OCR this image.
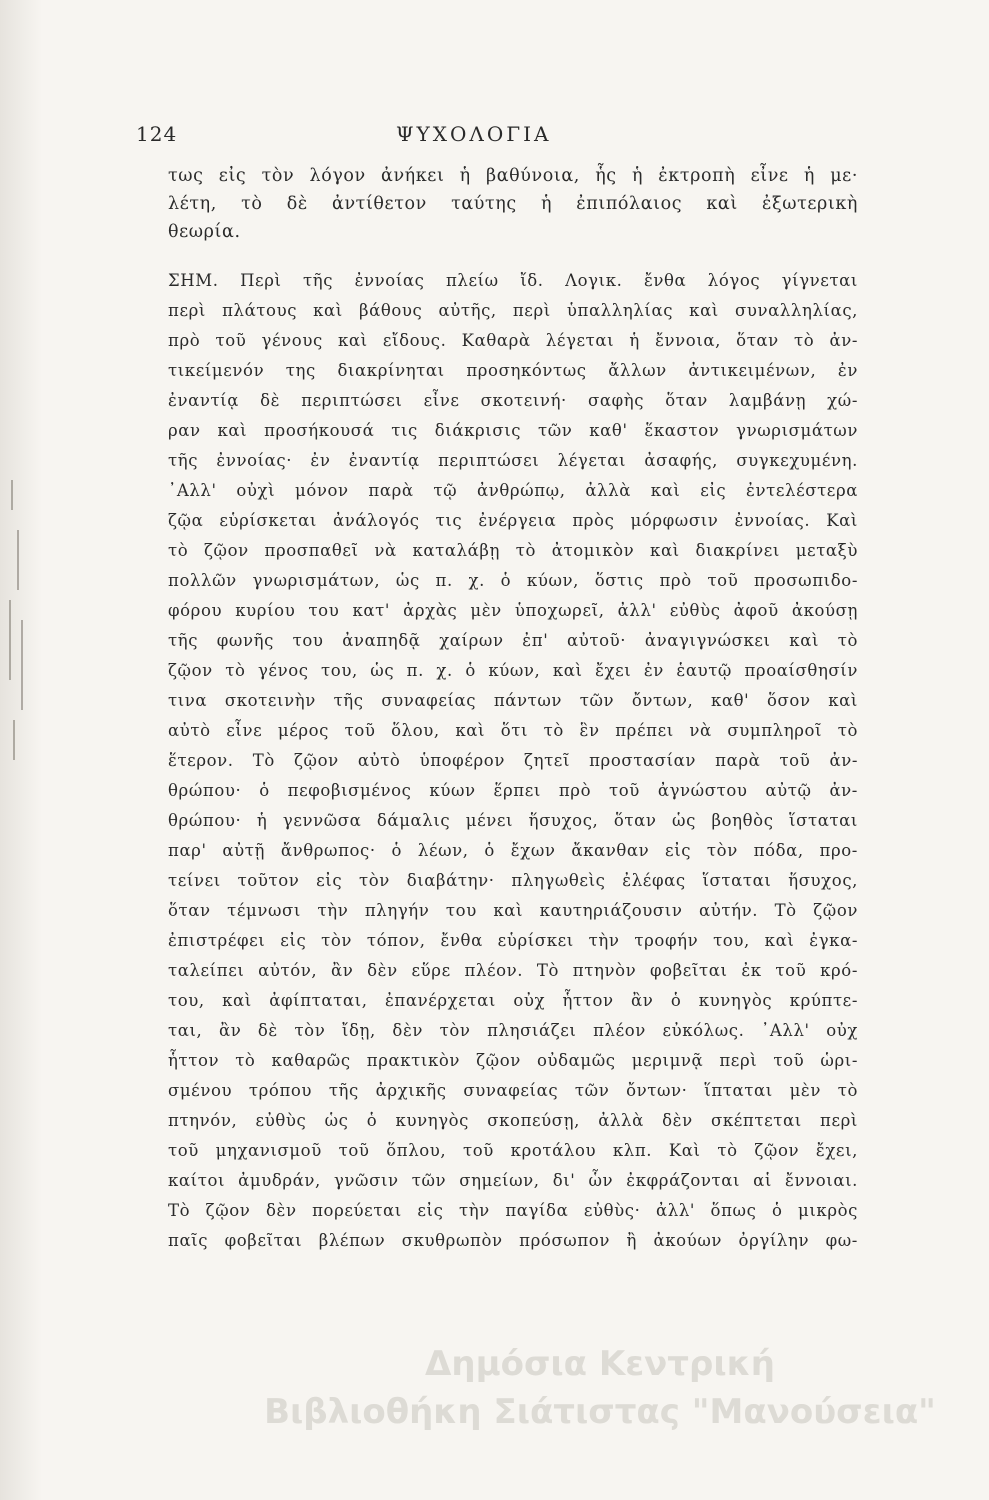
124	ΨΥΧΟΛΟΓΙΑ
τως εἰς τὸν λόγον ἀνήκει ἡ βαθύνοια, ἧς ἡ ἐκτροπὴ εἶνε ἡ με·
λέτη, τὸ δὲ ἀντίθετον ταύτης ἡ ἐπιπόλαιος καὶ ἐξωτερικὴ
θεωρία.
ΣΗΜ. Περὶ τῆς ἐννοίας πλείω ἴδ. Λογικ. ἔνθα λόγος γίγνεται
περὶ πλάτους καὶ βάθους αὐτῆς, περὶ ὑπαλληλίας καὶ συναλληλίας,
πρὸ τοῦ γένους καὶ εἴδους. Καθαρὰ λέγεται ἡ ἔννοια, ὅταν τὸ ἀν-
τικείμενόν της διακρίνηται προσηκόντως ἄλλων ἀντικειμένων, ἐν
ἐναντίᾳ δὲ περιπτώσει εἶνε σκοτεινή· σαφὴς ὅταν λαμβάνῃ χώ-
ραν καὶ προσήκουσά τις διάκρισις τῶν καθ' ἕκαστον γνωρισμάτων
τῆς ἐννοίας· ἐν ἐναντίᾳ περιπτώσει λέγεται ἀσαφής, συγκεχυμένη.
᾿Αλλ' οὐχὶ μόνον παρὰ τῷ ἀνθρώπῳ, ἀλλὰ καὶ εἰς ἐντελέστερα
ζῷα εὑρίσκεται ἀνάλογός τις ἐνέργεια πρὸς μόρφωσιν ἐννοίας. Καὶ
τὸ ζῷον προσπαθεῖ νὰ καταλάβῃ τὸ ἀτομικὸν καὶ διακρίνει μεταξὺ
πολλῶν γνωρισμάτων, ὡς π. χ. ὁ κύων, ὅστις πρὸ τοῦ προσωπιδο-
φόρου κυρίου του κατ' ἀρχὰς μὲν ὑποχωρεῖ, ἀλλ' εὐθὺς ἀφοῦ ἀκούσῃ
τῆς φωνῆς του ἀναπηδᾷ χαίρων ἐπ' αὐτοῦ· ἀναγιγνώσκει καὶ τὸ
ζῷον τὸ γένος του, ὡς π. χ. ὁ κύων, καὶ ἔχει ἐν ἑαυτῷ προαίσθησίν
τινα σκοτεινὴν τῆς συναφείας πάντων τῶν ὄντων, καθ' ὅσον καὶ
αὐτὸ εἶνε μέρος τοῦ ὅλου, καὶ ὅτι τὸ ἓν πρέπει νὰ συμπληροῖ τὸ
ἕτερον. Τὸ ζῷον αὐτὸ ὑποφέρον ζητεῖ προστασίαν παρὰ τοῦ ἀν-
θρώπου· ὁ πεφοβισμένος κύων ἕρπει πρὸ τοῦ ἀγνώστου αὐτῷ ἀν-
θρώπου· ἡ γεννῶσα δάμαλις μένει ἥσυχος, ὅταν ὡς βοηθὸς ἵσταται
παρ' αὐτῇ ἄνθρωπος· ὁ λέων, ὁ ἔχων ἄκανθαν εἰς τὸν πόδα, προ-
τείνει τοῦτον εἰς τὸν διαβάτην· πληγωθεὶς ἐλέφας ἵσταται ἥσυχος,
ὅταν τέμνωσι τὴν πληγήν του καὶ καυτηριάζουσιν αὐτήν. Τὸ ζῷον
ἐπιστρέφει εἰς τὸν τόπον, ἔνθα εὑρίσκει τὴν τροφήν του, καὶ ἐγκα-
ταλείπει αὐτόν, ἂν δὲν εὕρε πλέον. Τὸ πτηνὸν φοβεῖται ἐκ τοῦ κρό-
του, καὶ ἀφίπταται, ἐπανέρχεται οὐχ ἧττον ἂν ὁ κυνηγὸς κρύπτε-
ται, ἂν δὲ τὸν ἴδῃ, δὲν τὸν πλησιάζει πλέον εὐκόλως. ᾿Αλλ' οὐχ
ἧττον τὸ καθαρῶς πρακτικὸν ζῷον οὐδαμῶς μεριμνᾷ περὶ τοῦ ὡρι-
σμένου τρόπου τῆς ἀρχικῆς συναφείας τῶν ὄντων· ἵπταται μὲν τὸ
πτηνόν, εὐθὺς ὡς ὁ κυνηγὸς σκοπεύσῃ, ἀλλὰ δὲν σκέπτεται περὶ
τοῦ μηχανισμοῦ τοῦ ὅπλου, τοῦ κροτάλου κλπ. Καὶ τὸ ζῷον ἔχει,
καίτοι ἀμυδράν, γνῶσιν τῶν σημείων, δι' ὧν ἐκφράζονται αἱ ἔννοιαι.
Τὸ ζῷον δὲν πορεύεται εἰς τὴν παγίδα εὐθὺς· ἀλλ' ὅπως ὁ μικρὸς
παῖς φοβεῖται βλέπων σκυθρωπὸν πρόσωπον ἢ ἀκούων ὀργίλην φω-
Δημόσια Κεντρική
Βιβλιοθήκη Σιάτιστας "Μανούσεια"
